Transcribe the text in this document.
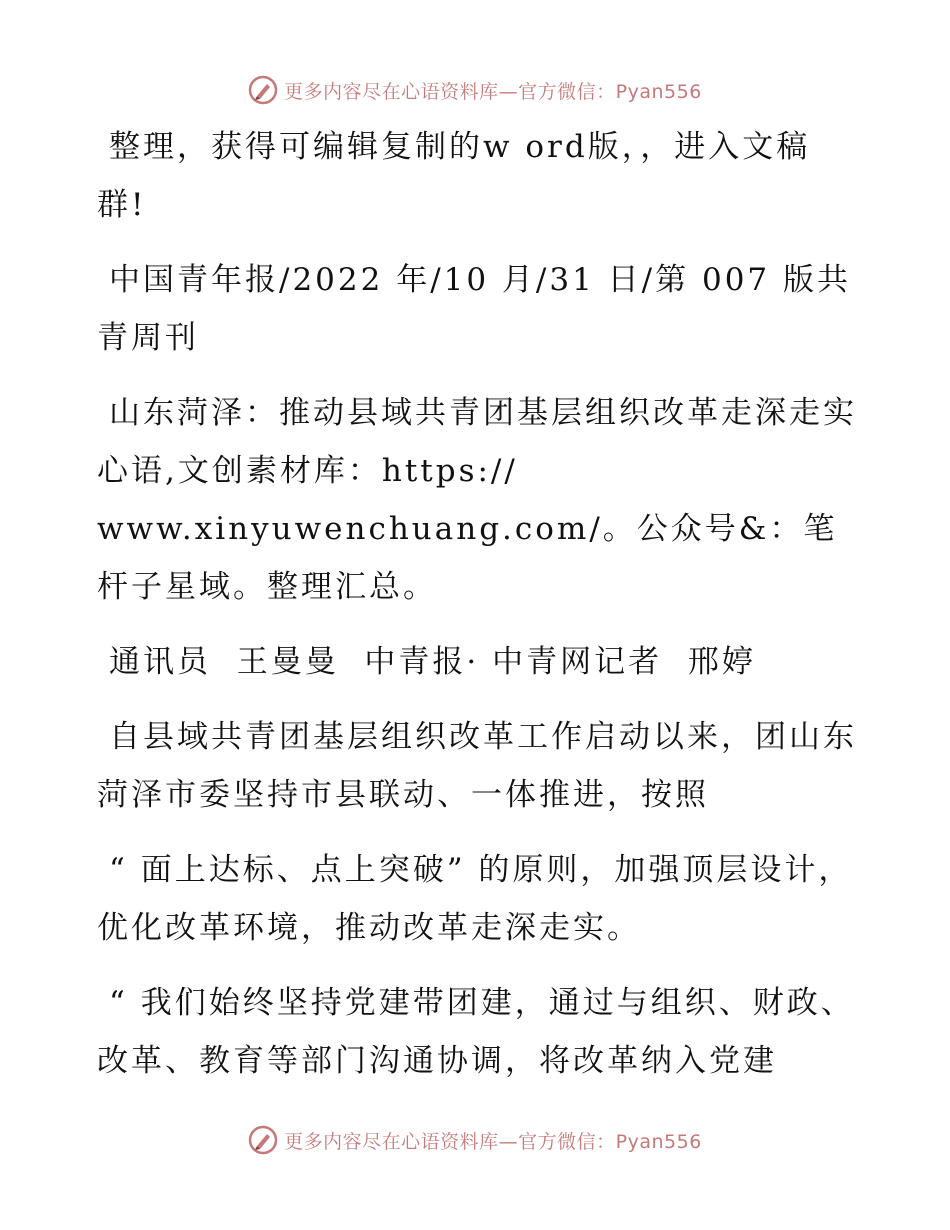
更多内容尽在心语资料库—官方微信：Pyan556

整理，获得可编辑复制的w ord版，，进入文稿群!

中国青年报/2022 年/10 月/31 日/第 007 版共青周刊

山东菏泽：推动县域共青团基层组织改革走深走实心语,文创素材库：https://
www.xinyuwenchuang.com/。公众号&：笔杆子星域。整理汇总。

通讯员  王曼曼  中青报· 中青网记者  邢婷

自县域共青团基层组织改革工作启动以来，团山东菏泽市委坚持市县联动、一体推进，按照

“ 面上达标、点上突破” 的原则，加强顶层设计，优化改革环境，推动改革走深走实。

“ 我们始终坚持党建带团建，通过与组织、财政、改革、教育等部门沟通协调，将改革纳入党建

更多内容尽在心语资料库—官方微信：Pyan556
